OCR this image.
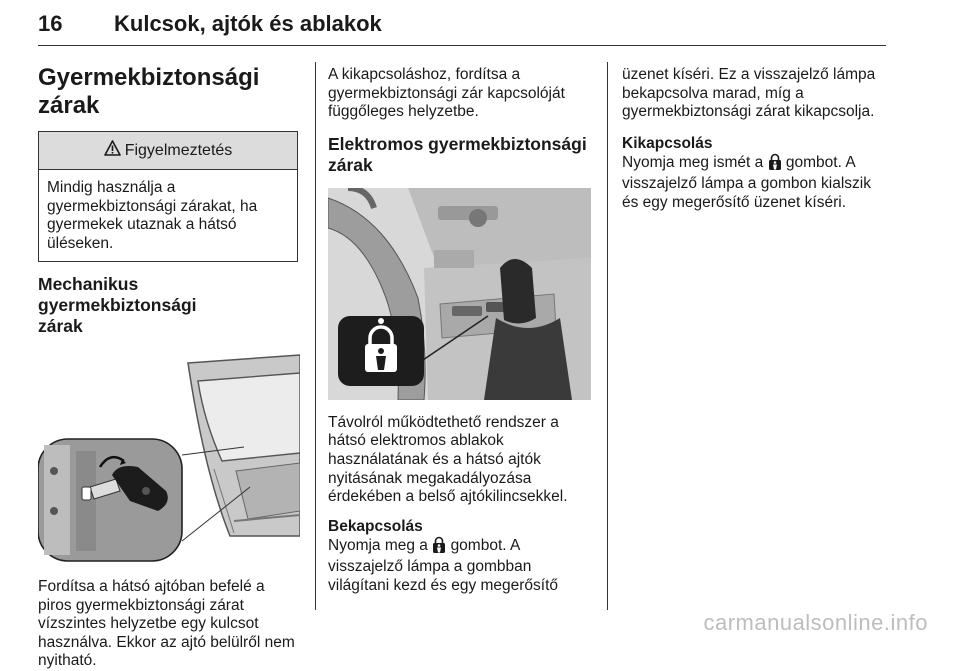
16 Kulcsok, ajtók és ablakok
Gyermekbiztonsági zárak
Figyelmeztetés
Mindig használja a
gyermekbiztonsági zárakat, ha
gyermekek utaznak a hátsó
üléseken.
Mechanikus gyermekbiztonsági
zárak
Fordítsa a hátsó ajtóban befelé a
piros gyermekbiztonsági zárat
vízszintes helyzetbe egy kulcsot
használva. Ekkor az ajtó belülről nem
nyitható.
A kikapcsoláshoz, fordítsa a
gyermekbiztonsági zár kapcsolóját
függőleges helyzetbe.
Elektromos gyermekbiztonsági
zárak
Távolról működtethető rendszer a
hátsó elektromos ablakok
használatának és a hátsó ajtók
nyitásának megakadályozása
érdekében a belső ajtókilincsekkel.
Bekapcsolás
Nyomja meg a gombot. A
visszajelző lámpa a gombban
világítani kezd és egy megerősítő
üzenet kíséri. Ez a visszajelző lámpa
bekapcsolva marad, míg a
gyermekbiztonsági zárat kikapcsolja.
Kikapcsolás
Nyomja meg ismét a gombot. A
visszajelző lámpa a gombon kialszik
és egy megerősítő üzenet kíséri.
carmanualsonline.info
